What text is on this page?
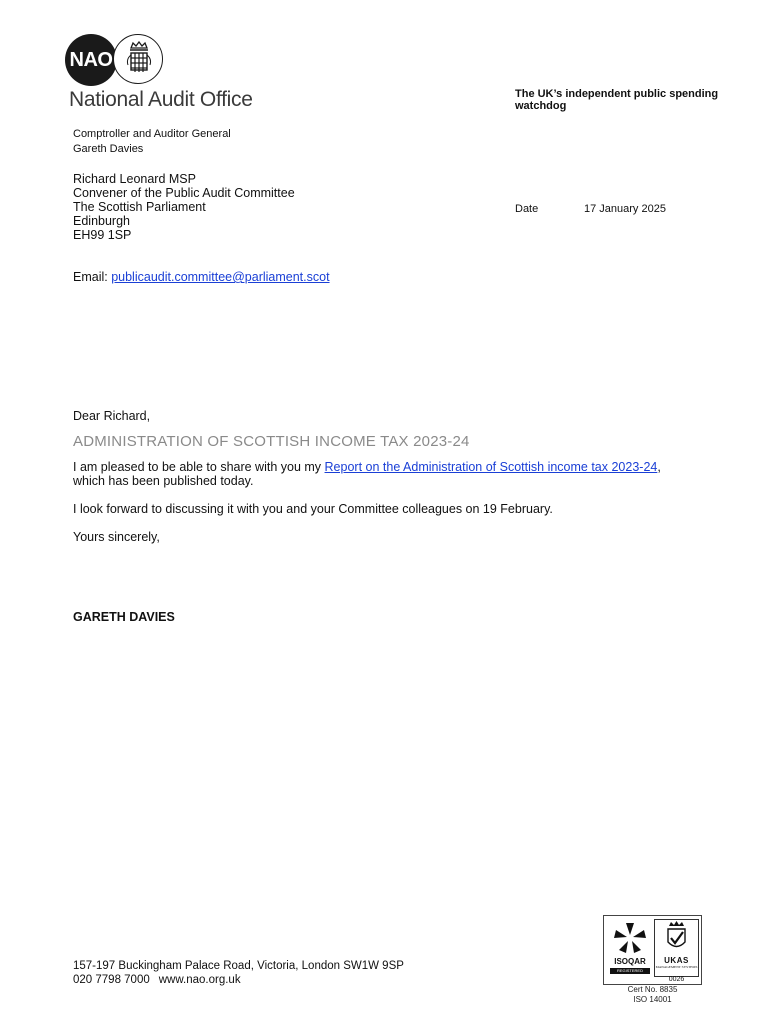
NAO
National Audit Office	The UK’s independent public spending watchdog
Comptroller and Auditor General
Gareth Davies
Richard Leonard MSP
Convener of the Public Audit Committee
The Scottish Parliament
Edinburgh
EH99 1SP
Date	17 January 2025
Email: publicaudit.committee@parliament.scot
Dear Richard,
ADMINISTRATION OF SCOTTISH INCOME TAX 2023-24
I am pleased to be able to share with you my Report on the Administration of Scottish income tax 2023-24,
which has been published today.
I look forward to discussing it with you and your Committee colleagues on 19 February.
Yours sincerely,
GARETH DAVIES
157-197 Buckingham Palace Road, Victoria, London SW1W 9SP
020 7798 7000 www.nao.org.uk
ISOQAR
REGISTERED
UKAS
MANAGEMENT SYSTEMS
0026
Cert No. 8835
ISO 14001
